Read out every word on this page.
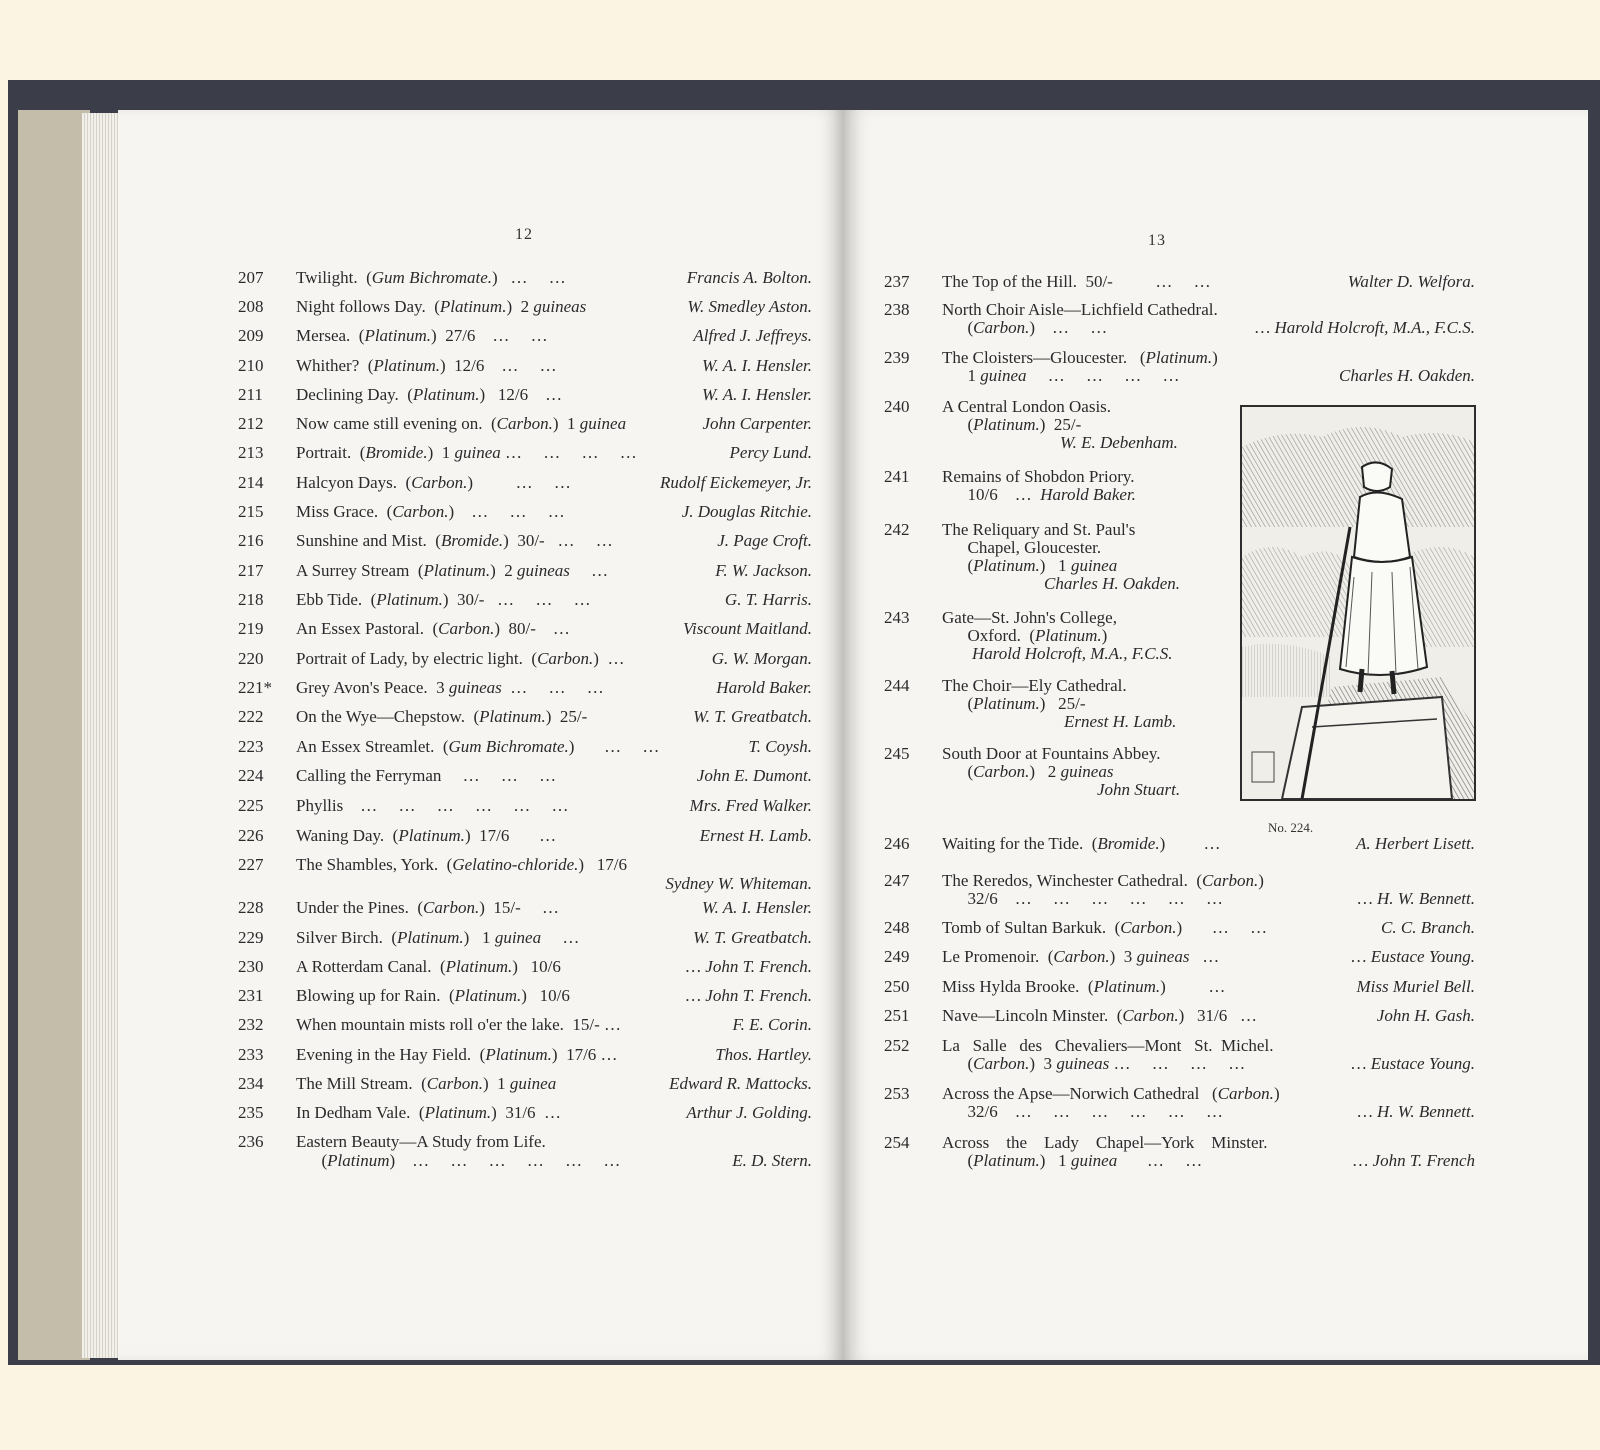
12	13
207 Twilight.  (Gum Bichromate.)   …     …	Francis A. Bolton.
208 Night follows Day.  (Platinum.)  2 guineas	W. Smedley Aston.
209 Mersea.  (Platinum.)  27/6    …     …	Alfred J. Jeffreys.
210 Whither?  (Platinum.)  12/6    …     …	W. A. I. Hensler.
211 Declining Day.  (Platinum.)   12/6    …	W. A. I. Hensler.
212 Now came still evening on.  (Carbon.)  1 guinea	John Carpenter.
213 Portrait.  (Bromide.)  1 guinea …     …     …     …	Percy Lund.
214 Halcyon Days.  (Carbon.)          …     …	Rudolf Eickemeyer, Jr.
215 Miss Grace.  (Carbon.)    …     …     …	J. Douglas Ritchie.
216 Sunshine and Mist.  (Bromide.)  30/-   …     …	J. Page Croft.
217 A Surrey Stream  (Platinum.)  2 guineas     …	F. W. Jackson.
218 Ebb Tide.  (Platinum.)  30/-   …     …     …	G. T. Harris.
219 An Essex Pastoral.  (Carbon.)  80/-    …	Viscount Maitland.
220 Portrait of Lady, by electric light.  (Carbon.)  …	G. W. Morgan.
221* Grey Avon's Peace.  3 guineas  …     …     …	Harold Baker.
222 On the Wye—Chepstow.  (Platinum.)  25/-	W. T. Greatbatch.
223 An Essex Streamlet.  (Gum Bichromate.)       …     …	T. Coysh.
224 Calling the Ferryman     …     …     …	John E. Dumont.
225 Phyllis    …     …     …     …     …     …	Mrs. Fred Walker.
226 Waning Day.  (Platinum.)  17/6       …	Ernest H. Lamb.
227 The Shambles, York.  (Gelatino-chloride.)   17/6
Sydney W. Whiteman.
228 Under the Pines.  (Carbon.)  15/-     …	W. A. I. Hensler.
229 Silver Birch.  (Platinum.)   1 guinea     …	W. T. Greatbatch.
230 A Rotterdam Canal.  (Platinum.)   10/6	… John T. French.
231 Blowing up for Rain.  (Platinum.)   10/6	… John T. French.
232 When mountain mists roll o'er the lake.  15/- …	F. E. Corin.
233 Evening in the Hay Field.  (Platinum.)  17/6 …	Thos. Hartley.
234 The Mill Stream.  (Carbon.)  1 guinea	Edward R. Mattocks.
235 In Dedham Vale.  (Platinum.)  31/6  …	Arthur J. Golding.
236 Eastern Beauty—A Study from Life.
(Platinum)    …     …     …     …     …     …	E. D. Stern.
237 The Top of the Hill.  50/-          …     …	Walter D. Welfora.
238 North Choir Aisle—Lichfield Cathedral.
(Carbon.)    …     …	… Harold Holcroft, M.A., F.C.S.
239 The Cloisters—Gloucester.   (Platinum.)
1 guinea     …     …     …     …	Charles H. Oakden.
240 A Central London Oasis.
(Platinum.)  25/-
W. E. Debenham.
241 Remains of Shobdon Priory.
10/6    …  Harold Baker.
242 The Reliquary and St. Paul's
Chapel, Gloucester.
(Platinum.)   1 guinea
Charles H. Oakden.
243 Gate—St. John's College,
Oxford.  (Platinum.)
Harold Holcroft, M.A., F.C.S.
244 The Choir—Ely Cathedral.
(Platinum.)   25/-
Ernest H. Lamb.
245 South Door at Fountains Abbey.
(Carbon.)   2 guineas
John Stuart.
246 Waiting for the Tide.  (Bromide.)         …	A. Herbert Lisett.
247 The Reredos, Winchester Cathedral.  (Carbon.)
32/6    …     …     …     …     …     …	… H. W. Bennett.
248 Tomb of Sultan Barkuk.  (Carbon.)       …     …	C. C. Branch.
249 Le Promenoir.  (Carbon.)  3 guineas   …	… Eustace Young.
250 Miss Hylda Brooke.  (Platinum.)          …	Miss Muriel Bell.
251 Nave—Lincoln Minster.  (Carbon.)   31/6   …	John H. Gash.
252 La   Salle   des   Chevaliers—Mont   St.  Michel.
(Carbon.)  3 guineas …     …     …     …	… Eustace Young.
253 Across the Apse—Norwich Cathedral   (Carbon.)
32/6    …     …     …     …     …     …	… H. W. Bennett.
254 Across    the    Lady    Chapel—York    Minster.
(Platinum.)   1 guinea       …     …	… John T. French
No. 224.
